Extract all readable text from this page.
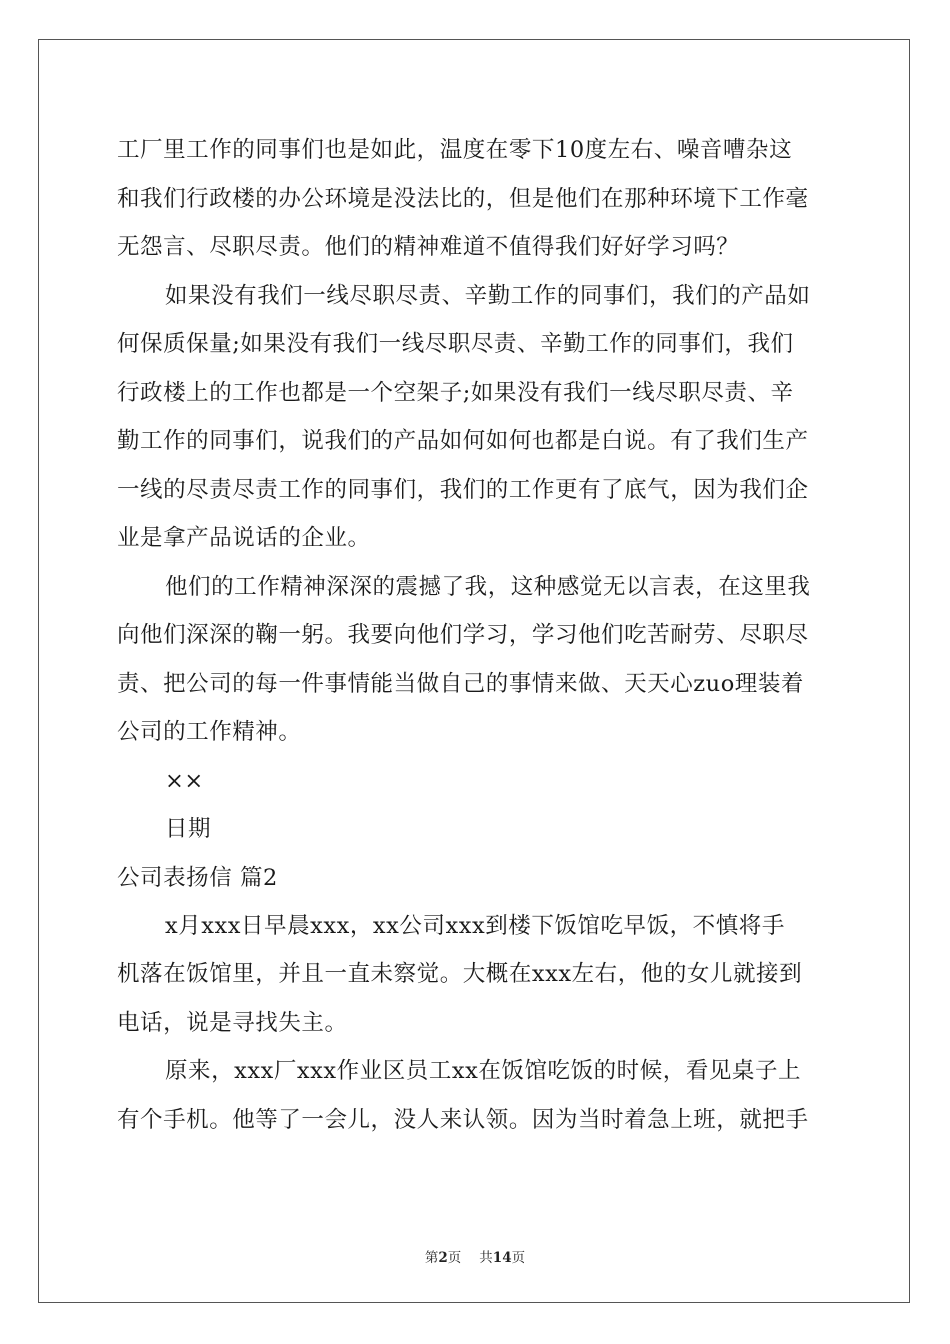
工厂里工作的同事们也是如此，温度在零下10度左右、噪音嘈杂这
和我们行政楼的办公环境是没法比的，但是他们在那种环境下工作毫
无怨言、尽职尽责。他们的精神难道不值得我们好好学习吗？
如果没有我们一线尽职尽责、辛勤工作的同事们，我们的产品如
何保质保量;如果没有我们一线尽职尽责、辛勤工作的同事们，我们
行政楼上的工作也都是一个空架子;如果没有我们一线尽职尽责、辛
勤工作的同事们，说我们的产品如何如何也都是白说。有了我们生产
一线的尽责尽责工作的同事们，我们的工作更有了底气，因为我们企
业是拿产品说话的企业。
他们的工作精神深深的震撼了我，这种感觉无以言表，在这里我
向他们深深的鞠一躬。我要向他们学习，学习他们吃苦耐劳、尽职尽
责、把公司的每一件事情能当做自己的事情来做、天天心zuo理装着
公司的工作精神。
××
日期
公司表扬信 篇2
x月xxx日早晨xxx，xx公司xxx到楼下饭馆吃早饭，不慎将手
机落在饭馆里，并且一直未察觉。大概在xxx左右，他的女儿就接到
电话，说是寻找失主。
原来，xxx厂xxx作业区员工xx在饭馆吃饭的时候，看见桌子上
有个手机。他等了一会儿，没人来认领。因为当时着急上班，就把手
第2页 共14页
